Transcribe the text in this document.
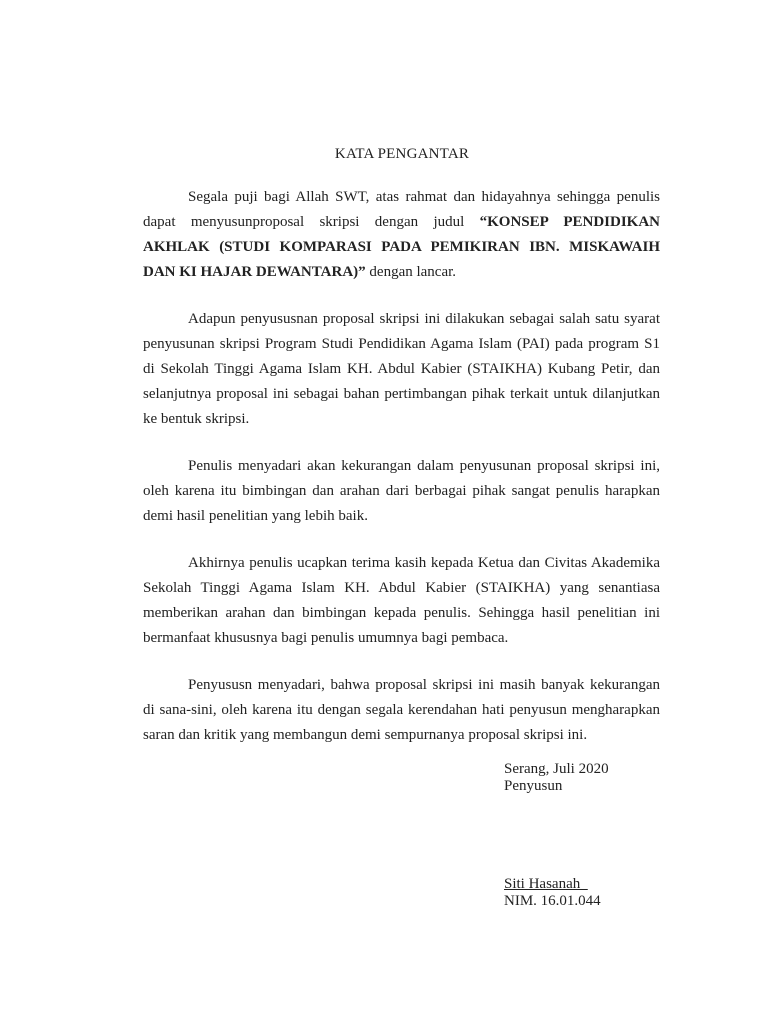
KATA PENGANTAR

Segala puji bagi Allah SWT, atas rahmat dan hidayahnya sehingga penulis dapat menyusunproposal skripsi dengan judul “KONSEP PENDIDIKAN AKHLAK (STUDI KOMPARASI PADA PEMIKIRAN IBN. MISKAWAIH DAN KI HAJAR DEWANTARA)” dengan lancar.

Adapun penyususnan proposal skripsi ini dilakukan sebagai salah satu syarat penyusunan skripsi Program Studi Pendidikan Agama Islam (PAI) pada program S1 di Sekolah Tinggi Agama Islam KH. Abdul Kabier (STAIKHA) Kubang Petir, dan selanjutnya proposal ini sebagai bahan pertimbangan pihak terkait untuk dilanjutkan ke bentuk skripsi.

Penulis menyadari akan kekurangan dalam penyusunan proposal skripsi ini, oleh karena itu bimbingan dan arahan dari berbagai pihak sangat penulis harapkan demi hasil penelitian yang lebih baik.

Akhirnya penulis ucapkan terima kasih kepada Ketua dan Civitas Akademika Sekolah Tinggi Agama Islam KH. Abdul Kabier (STAIKHA) yang senantiasa memberikan arahan dan bimbingan kepada penulis. Sehingga hasil penelitian ini bermanfaat khususnya bagi penulis umumnya bagi pembaca.

Penyususn menyadari, bahwa proposal skripsi ini masih banyak kekurangan di sana-sini, oleh karena itu dengan segala kerendahan hati penyusun mengharapkan saran dan kritik yang membangun demi sempurnanya proposal skripsi ini.

Serang, Juli 2020
Penyusun
Siti Hasanah
NIM. 16.01.044
